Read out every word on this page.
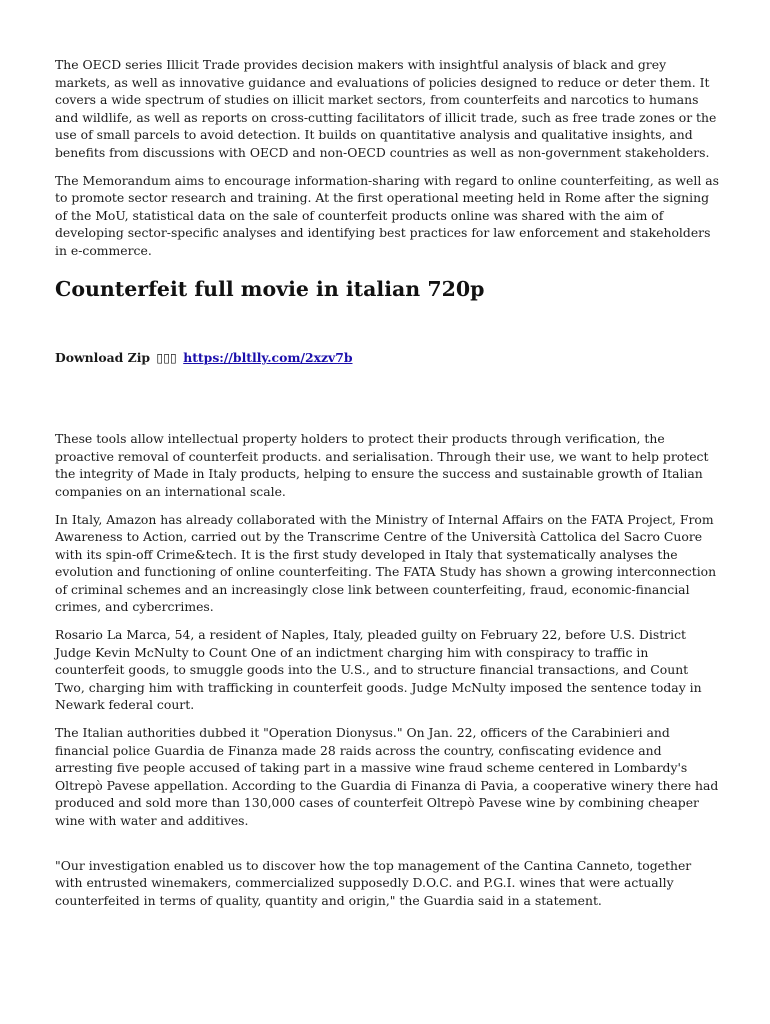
The OECD series Illicit Trade provides decision makers with insightful analysis of black and grey markets, as well as innovative guidance and evaluations of policies designed to reduce or deter them. It covers a wide spectrum of studies on illicit market sectors, from counterfeits and narcotics to humans and wildlife, as well as reports on cross-cutting facilitators of illicit trade, such as free trade zones or the use of small parcels to avoid detection. It builds on quantitative analysis and qualitative insights, and benefits from discussions with OECD and non-OECD countries as well as non-government stakeholders.

The Memorandum aims to encourage information-sharing with regard to online counterfeiting, as well as to promote sector research and training. At the first operational meeting held in Rome after the signing of the MoU, statistical data on the sale of counterfeit products online was shared with the aim of developing sector-specific analyses and identifying best practices for law enforcement and stakeholders in e-commerce.

Counterfeit full movie in italian 720p

Download Zip ▯▯▯ https://bltlly.com/2xzv7b

These tools allow intellectual property holders to protect their products through verification, the proactive removal of counterfeit products. and serialisation. Through their use, we want to help protect the integrity of Made in Italy products, helping to ensure the success and sustainable growth of Italian companies on an international scale.

In Italy, Amazon has already collaborated with the Ministry of Internal Affairs on the FATA Project, From Awareness to Action, carried out by the Transcrime Centre of the Università Cattolica del Sacro Cuore with its spin-off Crime&tech. It is the first study developed in Italy that systematically analyses the evolution and functioning of online counterfeiting. The FATA Study has shown a growing interconnection of criminal schemes and an increasingly close link between counterfeiting, fraud, economic-financial crimes, and cybercrimes.

Rosario La Marca, 54, a resident of Naples, Italy, pleaded guilty on February 22, before U.S. District Judge Kevin McNulty to Count One of an indictment charging him with conspiracy to traffic in counterfeit goods, to smuggle goods into the U.S., and to structure financial transactions, and Count Two, charging him with trafficking in counterfeit goods. Judge McNulty imposed the sentence today in Newark federal court.

The Italian authorities dubbed it "Operation Dionysus." On Jan. 22, officers of the Carabinieri and financial police Guardia de Finanza made 28 raids across the country, confiscating evidence and arresting five people accused of taking part in a massive wine fraud scheme centered in Lombardy's Oltrepò Pavese appellation. According to the Guardia di Finanza di Pavia, a cooperative winery there had produced and sold more than 130,000 cases of counterfeit Oltrepò Pavese wine by combining cheaper wine with water and additives.

"Our investigation enabled us to discover how the top management of the Cantina Canneto, together with entrusted winemakers, commercialized supposedly D.O.C. and P.G.I. wines that were actually counterfeited in terms of quality, quantity and origin," the Guardia said in a statement.
